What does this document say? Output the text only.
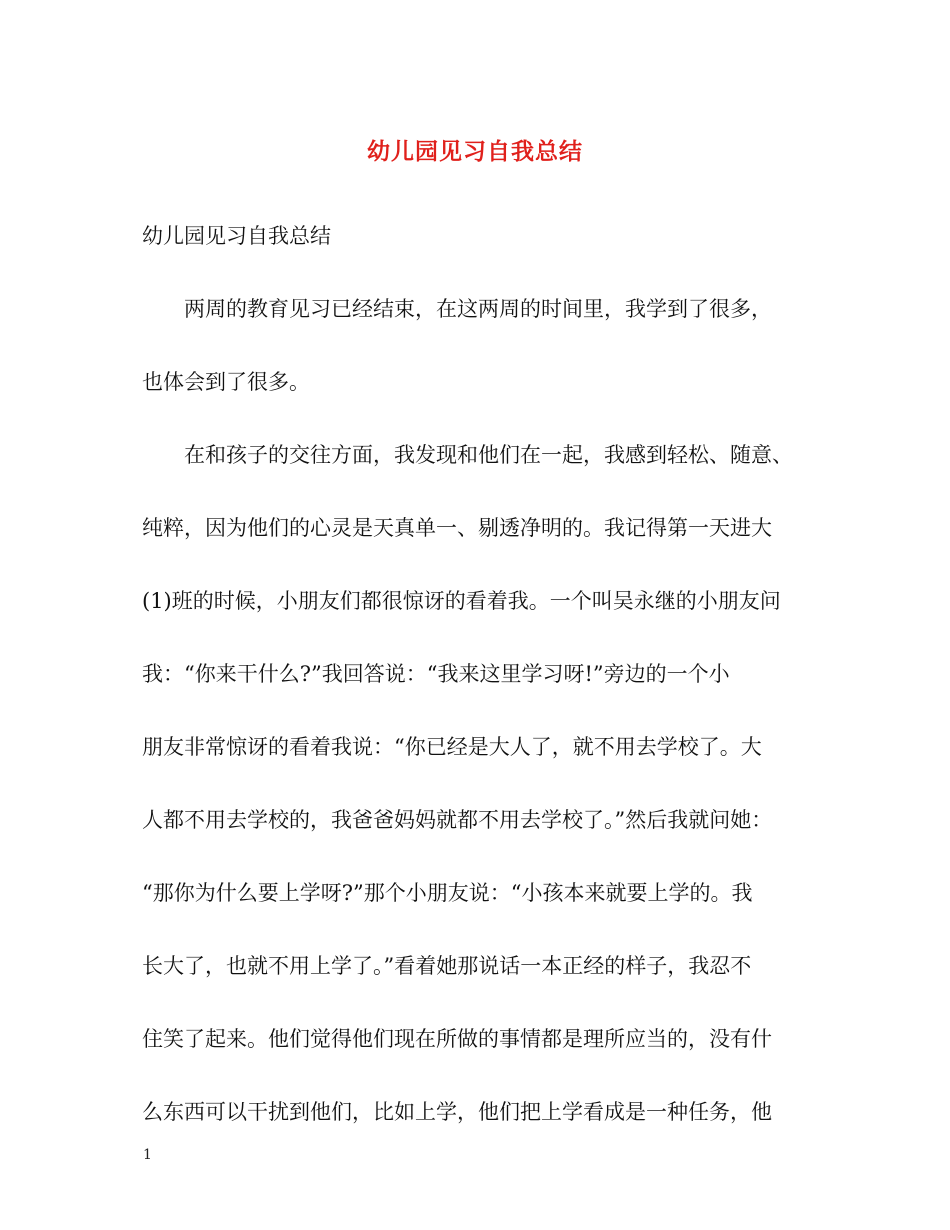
幼儿园见习自我总结
幼儿园见习自我总结
两周的教育见习已经结束，在这两周的时间里，我学到了很多，
也体会到了很多。
在和孩子的交往方面，我发现和他们在一起，我感到轻松、随意、
纯粹，因为他们的心灵是天真单一、剔透净明的。我记得第一天进大
(1)班的时候，小朋友们都很惊讶的看着我。一个叫吴永继的小朋友问
我：“你来干什么?”我回答说：“我来这里学习呀!”旁边的一个小
朋友非常惊讶的看着我说：“你已经是大人了，就不用去学校了。大
人都不用去学校的，我爸爸妈妈就都不用去学校了。”然后我就问她：
“那你为什么要上学呀?”那个小朋友说：“小孩本来就要上学的。我
长大了，也就不用上学了。”看着她那说话一本正经的样子，我忍不
住笑了起来。他们觉得他们现在所做的事情都是理所应当的，没有什
么东西可以干扰到他们，比如上学，他们把上学看成是一种任务，他
1
